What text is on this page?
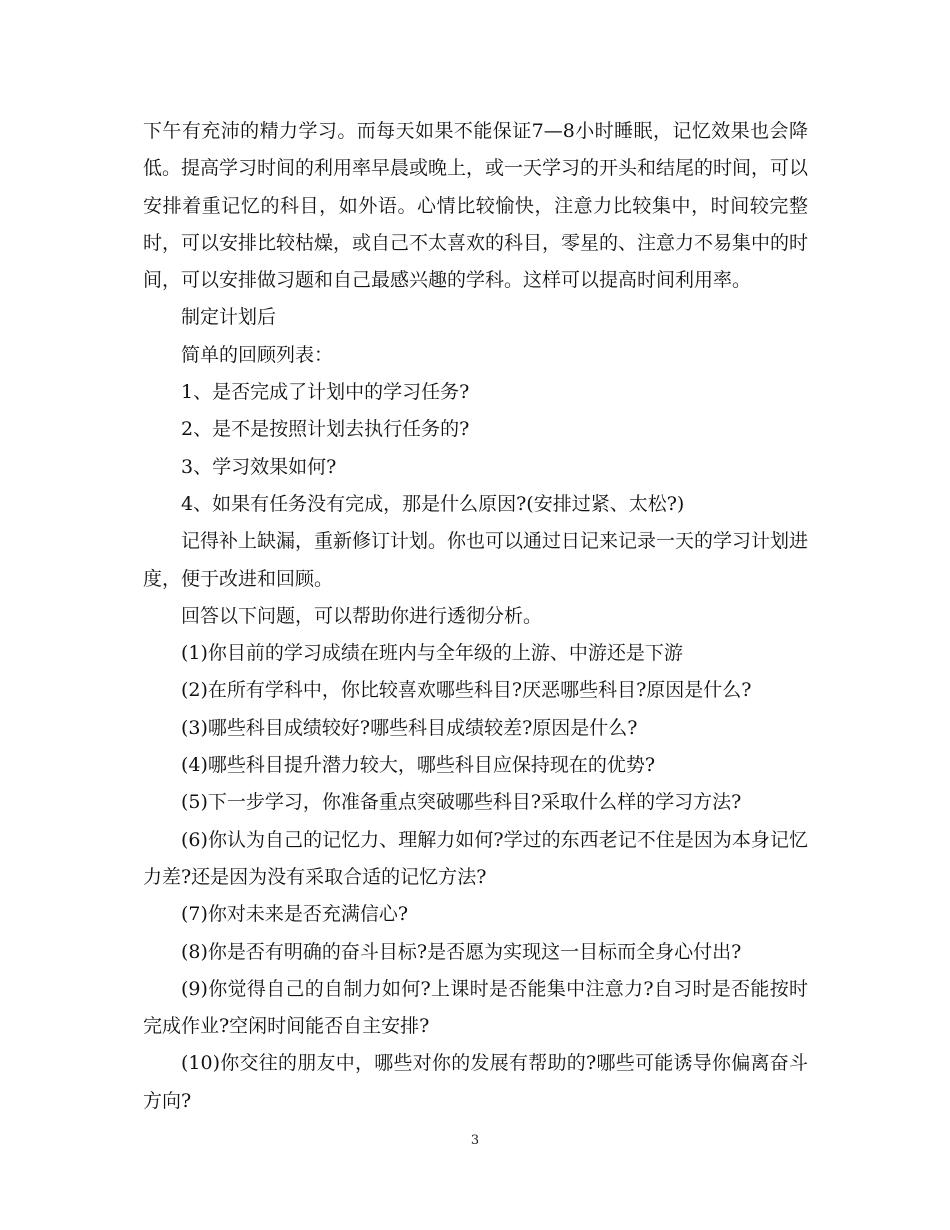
下午有充沛的精力学习。而每天如果不能保证7—8小时睡眠，记忆效果也会降低。提高学习时间的利用率早晨或晚上，或一天学习的开头和结尾的时间，可以安排着重记忆的科目，如外语。心情比较愉快，注意力比较集中，时间较完整时，可以安排比较枯燥，或自己不太喜欢的科目，零星的、注意力不易集中的时间，可以安排做习题和自己最感兴趣的学科。这样可以提高时间利用率。

制定计划后

简单的回顾列表：

1、是否完成了计划中的学习任务?

2、是不是按照计划去执行任务的?

3、学习效果如何?

4、如果有任务没有完成，那是什么原因?(安排过紧、太松?)

记得补上缺漏，重新修订计划。你也可以通过日记来记录一天的学习计划进度，便于改进和回顾。

回答以下问题，可以帮助你进行透彻分析。

(1)你目前的学习成绩在班内与全年级的上游、中游还是下游

(2)在所有学科中，你比较喜欢哪些科目?厌恶哪些科目?原因是什么?

(3)哪些科目成绩较好?哪些科目成绩较差?原因是什么?

(4)哪些科目提升潜力较大，哪些科目应保持现在的优势?

(5)下一步学习，你准备重点突破哪些科目?采取什么样的学习方法?

(6)你认为自己的记忆力、理解力如何?学过的东西老记不住是因为本身记忆力差?还是因为没有采取合适的记忆方法?

(7)你对未来是否充满信心?

(8)你是否有明确的奋斗目标?是否愿为实现这一目标而全身心付出?

(9)你觉得自己的自制力如何?上课时是否能集中注意力?自习时是否能按时完成作业?空闲时间能否自主安排?

(10)你交往的朋友中，哪些对你的发展有帮助的?哪些可能诱导你偏离奋斗方向?

3
